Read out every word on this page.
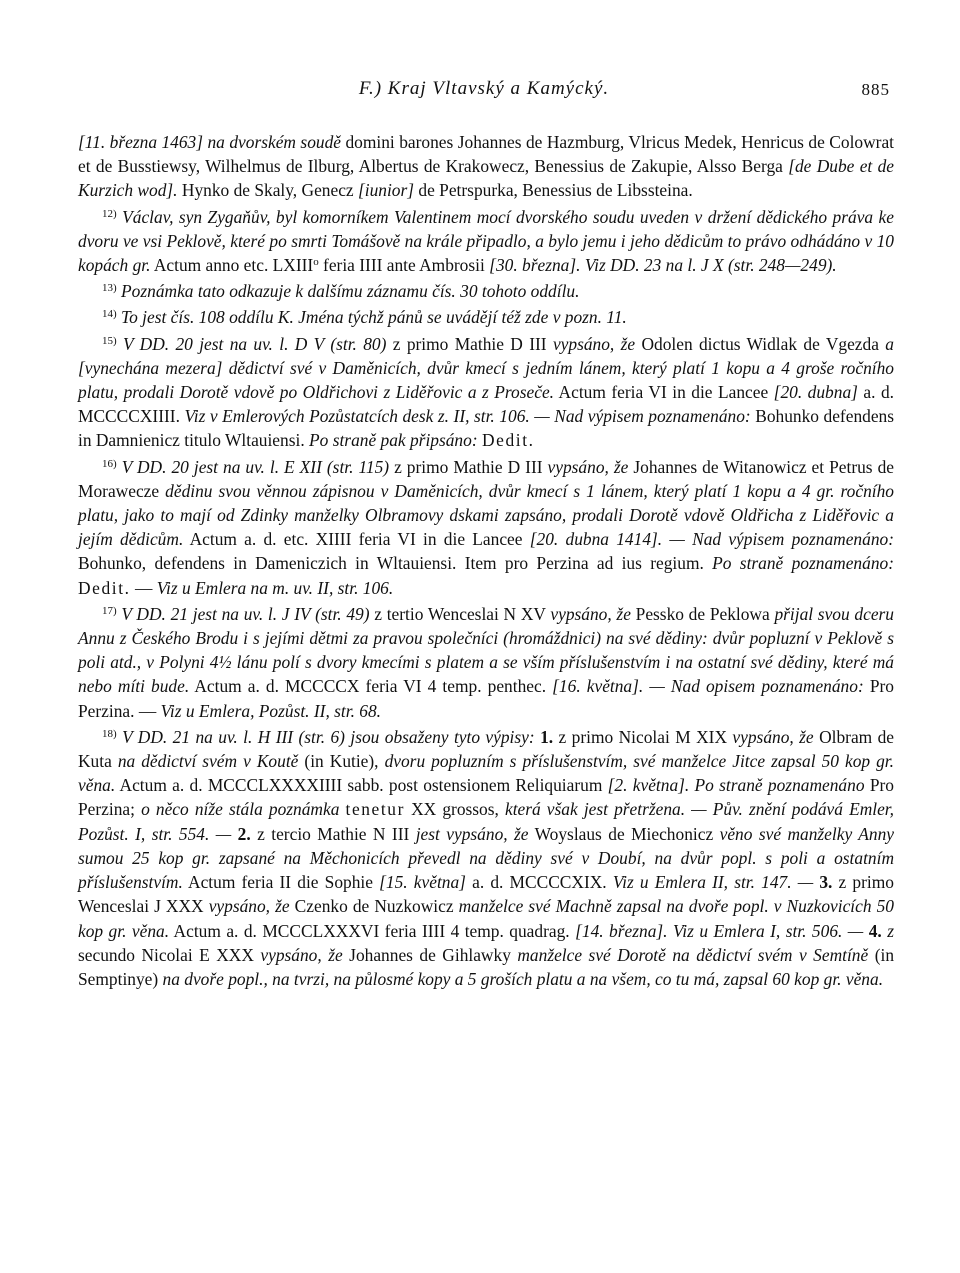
F.) Kraj Vltavský a Kamýcký.	885

[11. března 1463] na dvorském soudě domini barones Johannes de Hazmburg, Vlricus Medek, Henricus de Colowrat et de Busstiewsy, Wilhelmus de Ilburg, Albertus de Krakowecz, Benessius de Zakupie, Alsso Berga [de Dube et de Kurzich wod]. Hynko de Skaly, Genecz [iunior] de Petrspurka, Benessius de Libssteina.

$^{12)}$ Václav, syn Zygaňův, byl komorníkem Valentinem mocí dvorského soudu uveden v držení dědického práva ke dvoru ve vsi Peklově, které po smrti Tomášově na krále připadlo, a bylo jemu i jeho dědicům to právo odhádáno v 10 kopách gr. Actum anno etc. LXIII$^o$ feria IIII ante Ambrosii [30. března]. Viz DD. 23 na l. J X (str. 248—249).

$^{13)}$ Poznámka tato odkazuje k dalšímu záznamu čís. 30 tohoto oddílu.

$^{14)}$ To jest čís. 108 oddílu K. Jména týchž pánů se uvádějí též zde v pozn. 11.

$^{15)}$ V DD. 20 jest na uv. l. D V (str. 80) z primo Mathie D III vypsáno, že Odolen dictus Widlak de Vgezda a [vynechána mezera] dědictví své v Daměnicích, dvůr kmecí s jedním lánem, který platí 1 kopu a 4 groše ročního platu, prodali Dorotě vdově po Oldřichovi z Liděřovic a z Proseče. Actum feria VI in die Lancee [20. dubna] a. d. MCCCCXIIII. Viz v Emlerových Pozůstatcích desk z. II, str. 106. — Nad výpisem poznamenáno: Bohunko defendens in Damnienicz titulo Wltauiensi. Po straně pak připsáno: Dedit.

$^{16)}$ V DD. 20 jest na uv. l. E XII (str. 115) z primo Mathie D III vypsáno, že Johannes de Witanowicz et Petrus de Morawecze dědinu svou věnnou zápisnou v Daměnicích, dvůr kmecí s 1 lánem, který platí 1 kopu a 4 gr. ročního platu, jako to mají od Zdinky manželky Olbramovy dskami zapsáno, prodali Dorotě vdově Oldřicha z Liděřovic a jejím dědicům. Actum a. d. etc. XIIII feria VI in die Lancee [20. dubna 1414]. — Nad výpisem poznamenáno: Bohunko, defendens in Dameniczich in Wltauiensi. Item pro Perzina ad ius regium. Po straně poznamenáno: Dedit. — Viz u Emlera na m. uv. II, str. 106.

$^{17)}$ V DD. 21 jest na uv. l. J IV (str. 49) z tertio Wenceslai N XV vypsáno, že Pessko de Peklowa přijal svou dceru Annu z Českého Brodu i s jejími dětmi za pravou společníci (hromáždnici) na své dědiny: dvůr popluzní v Peklově s poli atd., v Polyni 4½ lánu polí s dvory kmecími s platem a se vším příslušenstvím i na ostatní své dědiny, které má nebo míti bude. Actum a. d. MCCCCX feria VI 4 temp. penthec. [16. května]. — Nad opisem poznamenáno: Pro Perzina. — Viz u Emlera, Pozůst. II, str. 68.

$^{18)}$ V DD. 21 na uv. l. H III (str. 6) jsou obsaženy tyto výpisy: 1. z primo Nicolai M XIX vypsáno, že Olbram de Kuta na dědictví svém v Koutě (in Kutie), dvoru popluzním s příslušenstvím, své manželce Jitce zapsal 50 kop gr. věna. Actum a. d. MCCCLXXXXIIII sabb. post ostensionem Reliquiarum [2. května]. Po straně poznamenáno Pro Perzina; o něco níže stála poznámka tenetur XX grossos, která však jest přetržena. — Pův. znění podává Emler, Pozůst. I, str. 554. — 2. z tercio Mathie N III jest vypsáno, že Woyslaus de Miechonicz věno své manželky Anny sumou 25 kop gr. zapsané na Měchonicích převedl na dědiny své v Doubí, na dvůr popl. s poli a ostatním příslušenstvím. Actum feria II die Sophie [15. května] a. d. MCCCCXIX. Viz u Emlera II, str. 147. — 3. z primo Wenceslai J XXX vypsáno, že Czenko de Nuzkowicz manželce své Machně zapsal na dvoře popl. v Nuzkovicích 50 kop gr. věna. Actum a. d. MCCCLXXXVI feria IIII 4 temp. quadrag. [14. března]. Viz u Emlera I, str. 506. — 4. z secundo Nicolai E XXX vypsáno, že Johannes de Gihlawky manželce své Dorotě na dědictví svém v Semtíně (in Semptinye) na dvoře popl., na tvrzi, na půlosmé kopy a 5 groších platu a na všem, co tu má, zapsal 60 kop gr. věna.
